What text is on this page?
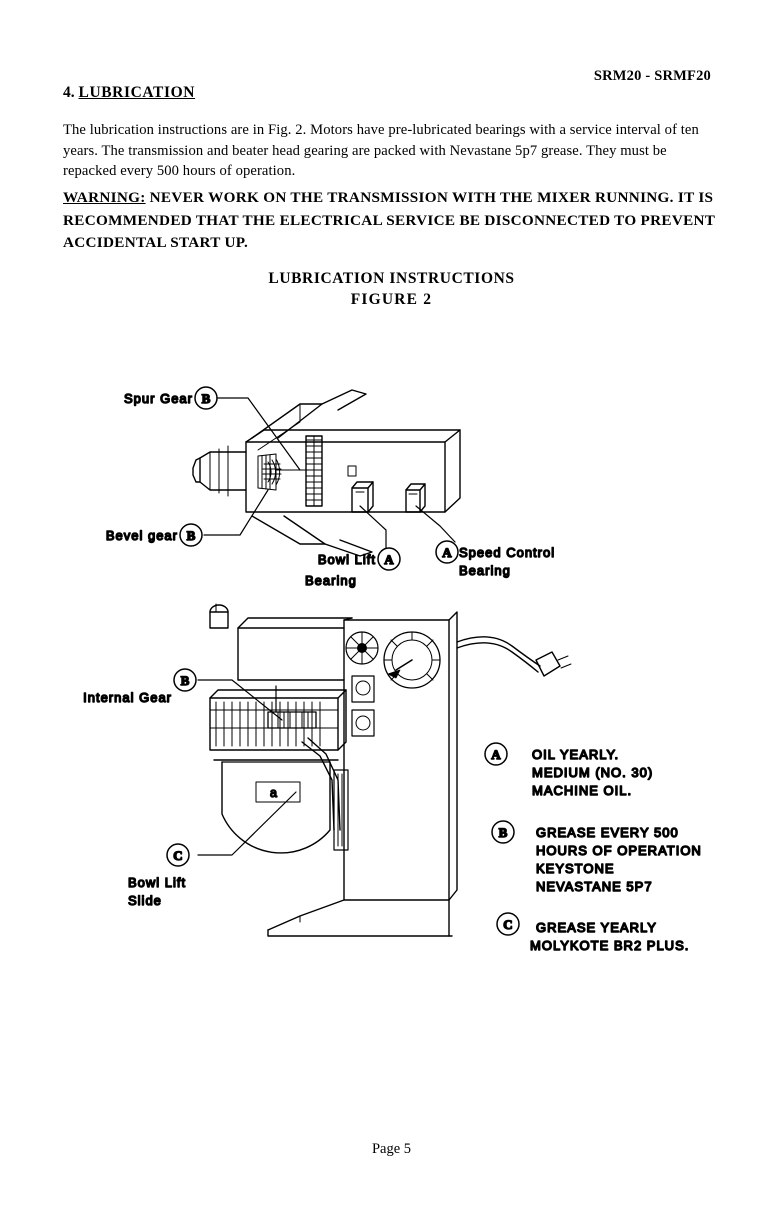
SRM20 - SRMF20
4. LUBRICATION
The lubrication instructions are in Fig. 2. Motors have pre-lubricated bearings with a service interval of ten years. The transmission and beater head gearing are packed with Nevastane 5p7 grease. They must be repacked every 500 hours of operation.
WARNING: NEVER WORK ON THE TRANSMISSION WITH THE MIXER RUNNING. IT IS RECOMMENDED THAT THE ELECTRICAL SERVICE BE DISCONNECTED TO PREVENT ACCIDENTAL START UP.
LUBRICATION INSTRUCTIONS
FIGURE 2
B
Spur Gear
B
Bevel gear
A
Bowl Lift
Bearing
A Speed Control
Bearing
a
B
Internal Gear
C
Bowl Lift
Slide
A OIL YEARLY.
MEDIUM (NO. 30)
MACHINE OIL.
B GREASE EVERY 500
HOURS OF OPERATION
KEYSTONE
NEVASTANE 5P7
C GREASE YEARLY
MOLYKOTE BR2 PLUS.
Page 5
